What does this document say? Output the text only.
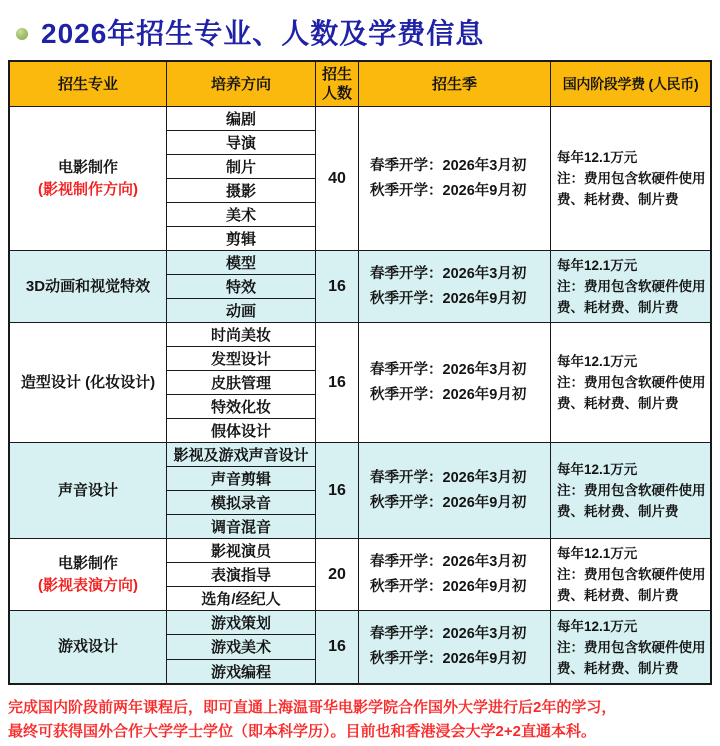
2026年招生专业、人数及学费信息
招生专业	培养方向
招生
人数
招生季	国内阶段学费 (人民币)
电影制作
(影视制作方向)
编剧
导演
制片
摄影
美术
剪辑
40
春季开学：2026年3月初
秋季开学：2026年9月初
每年12.1万元
注：费用包含软硬件使用费、耗材费、制片费
3D动画和视觉特效
模型
特效
动画
16
春季开学：2026年3月初
秋季开学：2026年9月初
每年12.1万元
注：费用包含软硬件使用费、耗材费、制片费
造型设计 (化妆设计)
时尚美妆
发型设计
皮肤管理
特效化妆
假体设计
16
春季开学：2026年3月初
秋季开学：2026年9月初
每年12.1万元
注：费用包含软硬件使用费、耗材费、制片费
声音设计
影视及游戏声音设计
声音剪辑
模拟录音
调音混音
16
春季开学：2026年3月初
秋季开学：2026年9月初
每年12.1万元
注：费用包含软硬件使用费、耗材费、制片费
电影制作
(影视表演方向)
影视演员
表演指导
选角/经纪人
20
春季开学：2026年3月初
秋季开学：2026年9月初
每年12.1万元
注：费用包含软硬件使用费、耗材费、制片费
游戏设计
游戏策划
游戏美术
游戏编程
16
春季开学：2026年3月初
秋季开学：2026年9月初
每年12.1万元
注：费用包含软硬件使用费、耗材费、制片费
完成国内阶段前两年课程后，即可直通上海温哥华电影学院合作国外大学进行后2年的学习，
最终可获得国外合作大学学士学位（即本科学历）。目前也和香港浸会大学2+2直通本科。
